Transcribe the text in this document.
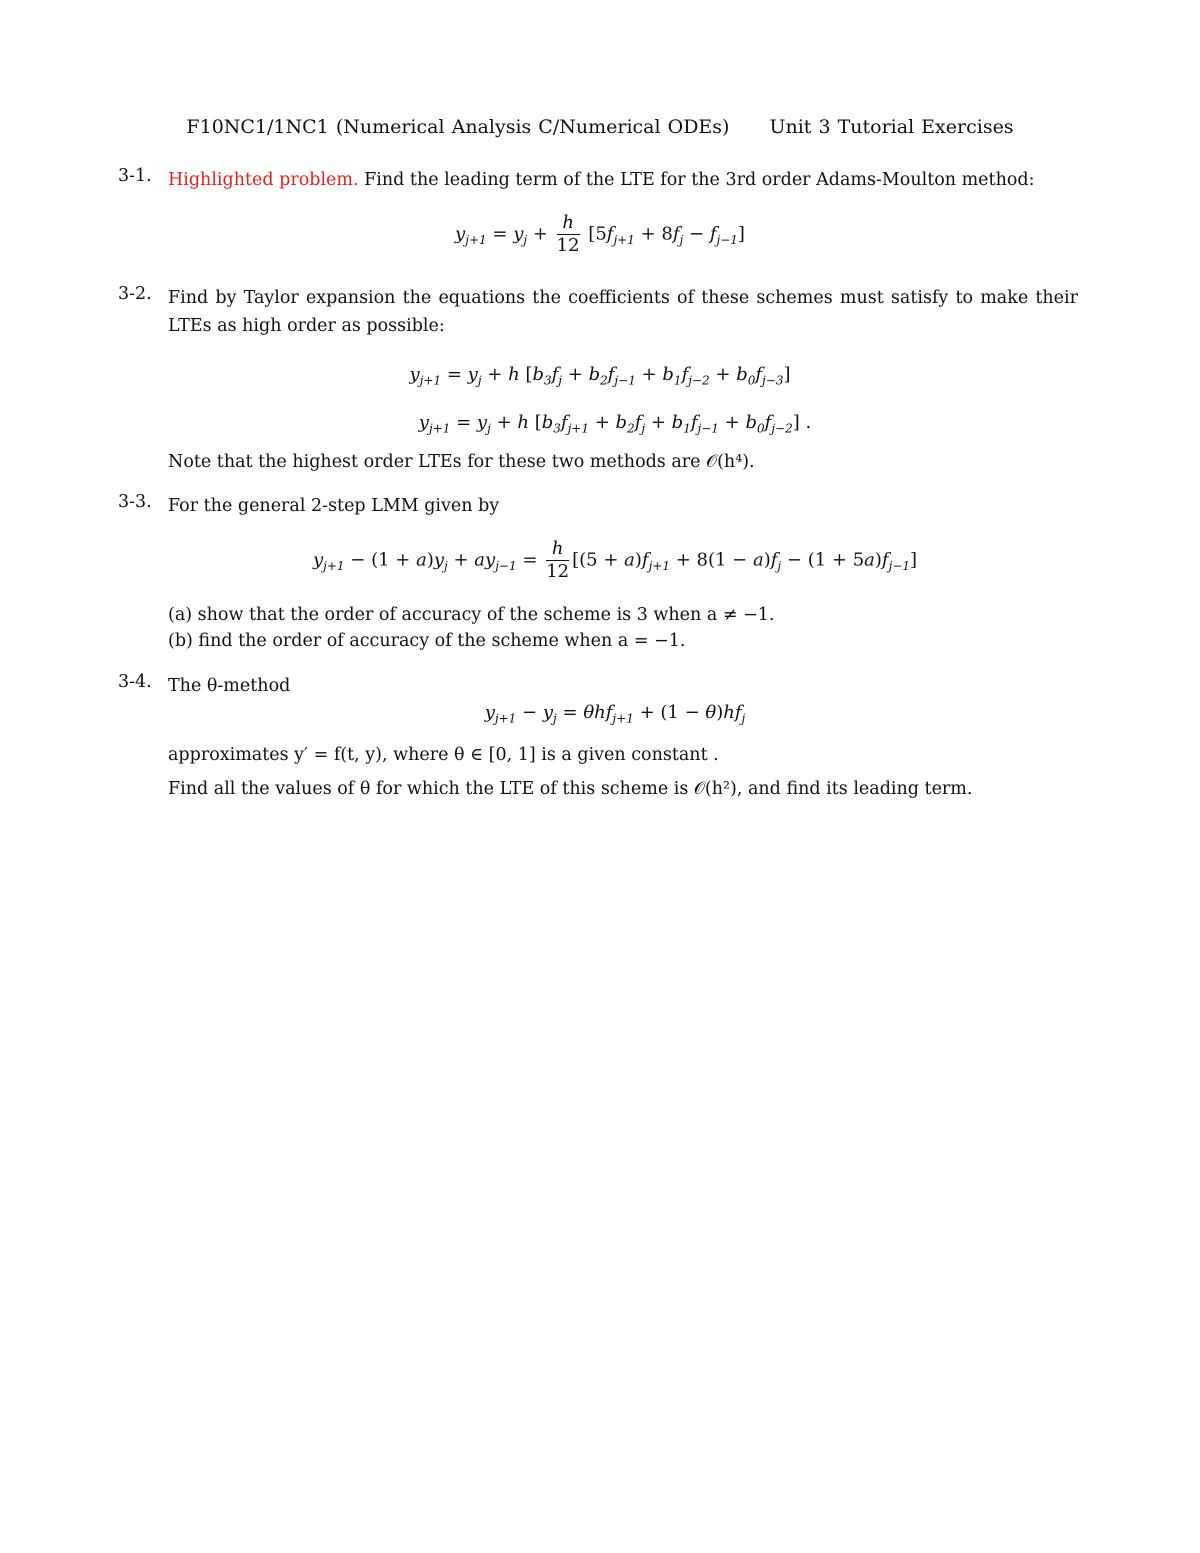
F10NC1/1NC1 (Numerical Analysis C/Numerical ODEs) Unit 3 Tutorial Exercises
3-1. Highlighted problem. Find the leading term of the LTE for the 3rd order Adams-Moulton method:
$y_{j+1} = y_j + \frac{h}{12} [5f_{j+1} + 8f_j - f_{j-1}]$
3-2. Find by Taylor expansion the equations the coefficients of these schemes must satisfy to make their LTEs as high order as possible:
$y_{j+1} = y_j + h$ $[b_3f_j + b_2f_{j-1} + b_1f_{j-2} + b_0f_{j-3}]$
$y_{j+1} = y_j + h$ $[b_3f_{j+1} + b_2f_j + b_1f_{j-1} + b_0f_{j-2}]$ .
Note that the highest order LTEs for these two methods are 𝒪(h⁴).
3-3. For the general 2-step LMM given by
$y_{j+1} - (1 + a)y_j + ay_{j-1} = \frac{h}{12} [(5 + a)f_{j+1} + 8(1 - a)f_j - (1 + 5a)f_{j-1}]$
(a) show that the order of accuracy of the scheme is 3 when a ≠ −1.
(b) find the order of accuracy of the scheme when a = −1.
3-4. The θ-method
$y_{j+1} - y_j = \theta hf_{j+1} + (1 - \theta)hf_j$
approximates y′ = f(t, y), where θ ∈ [0, 1] is a given constant .
Find all the values of θ for which the LTE of this scheme is 𝒪(h²), and find its leading term.
